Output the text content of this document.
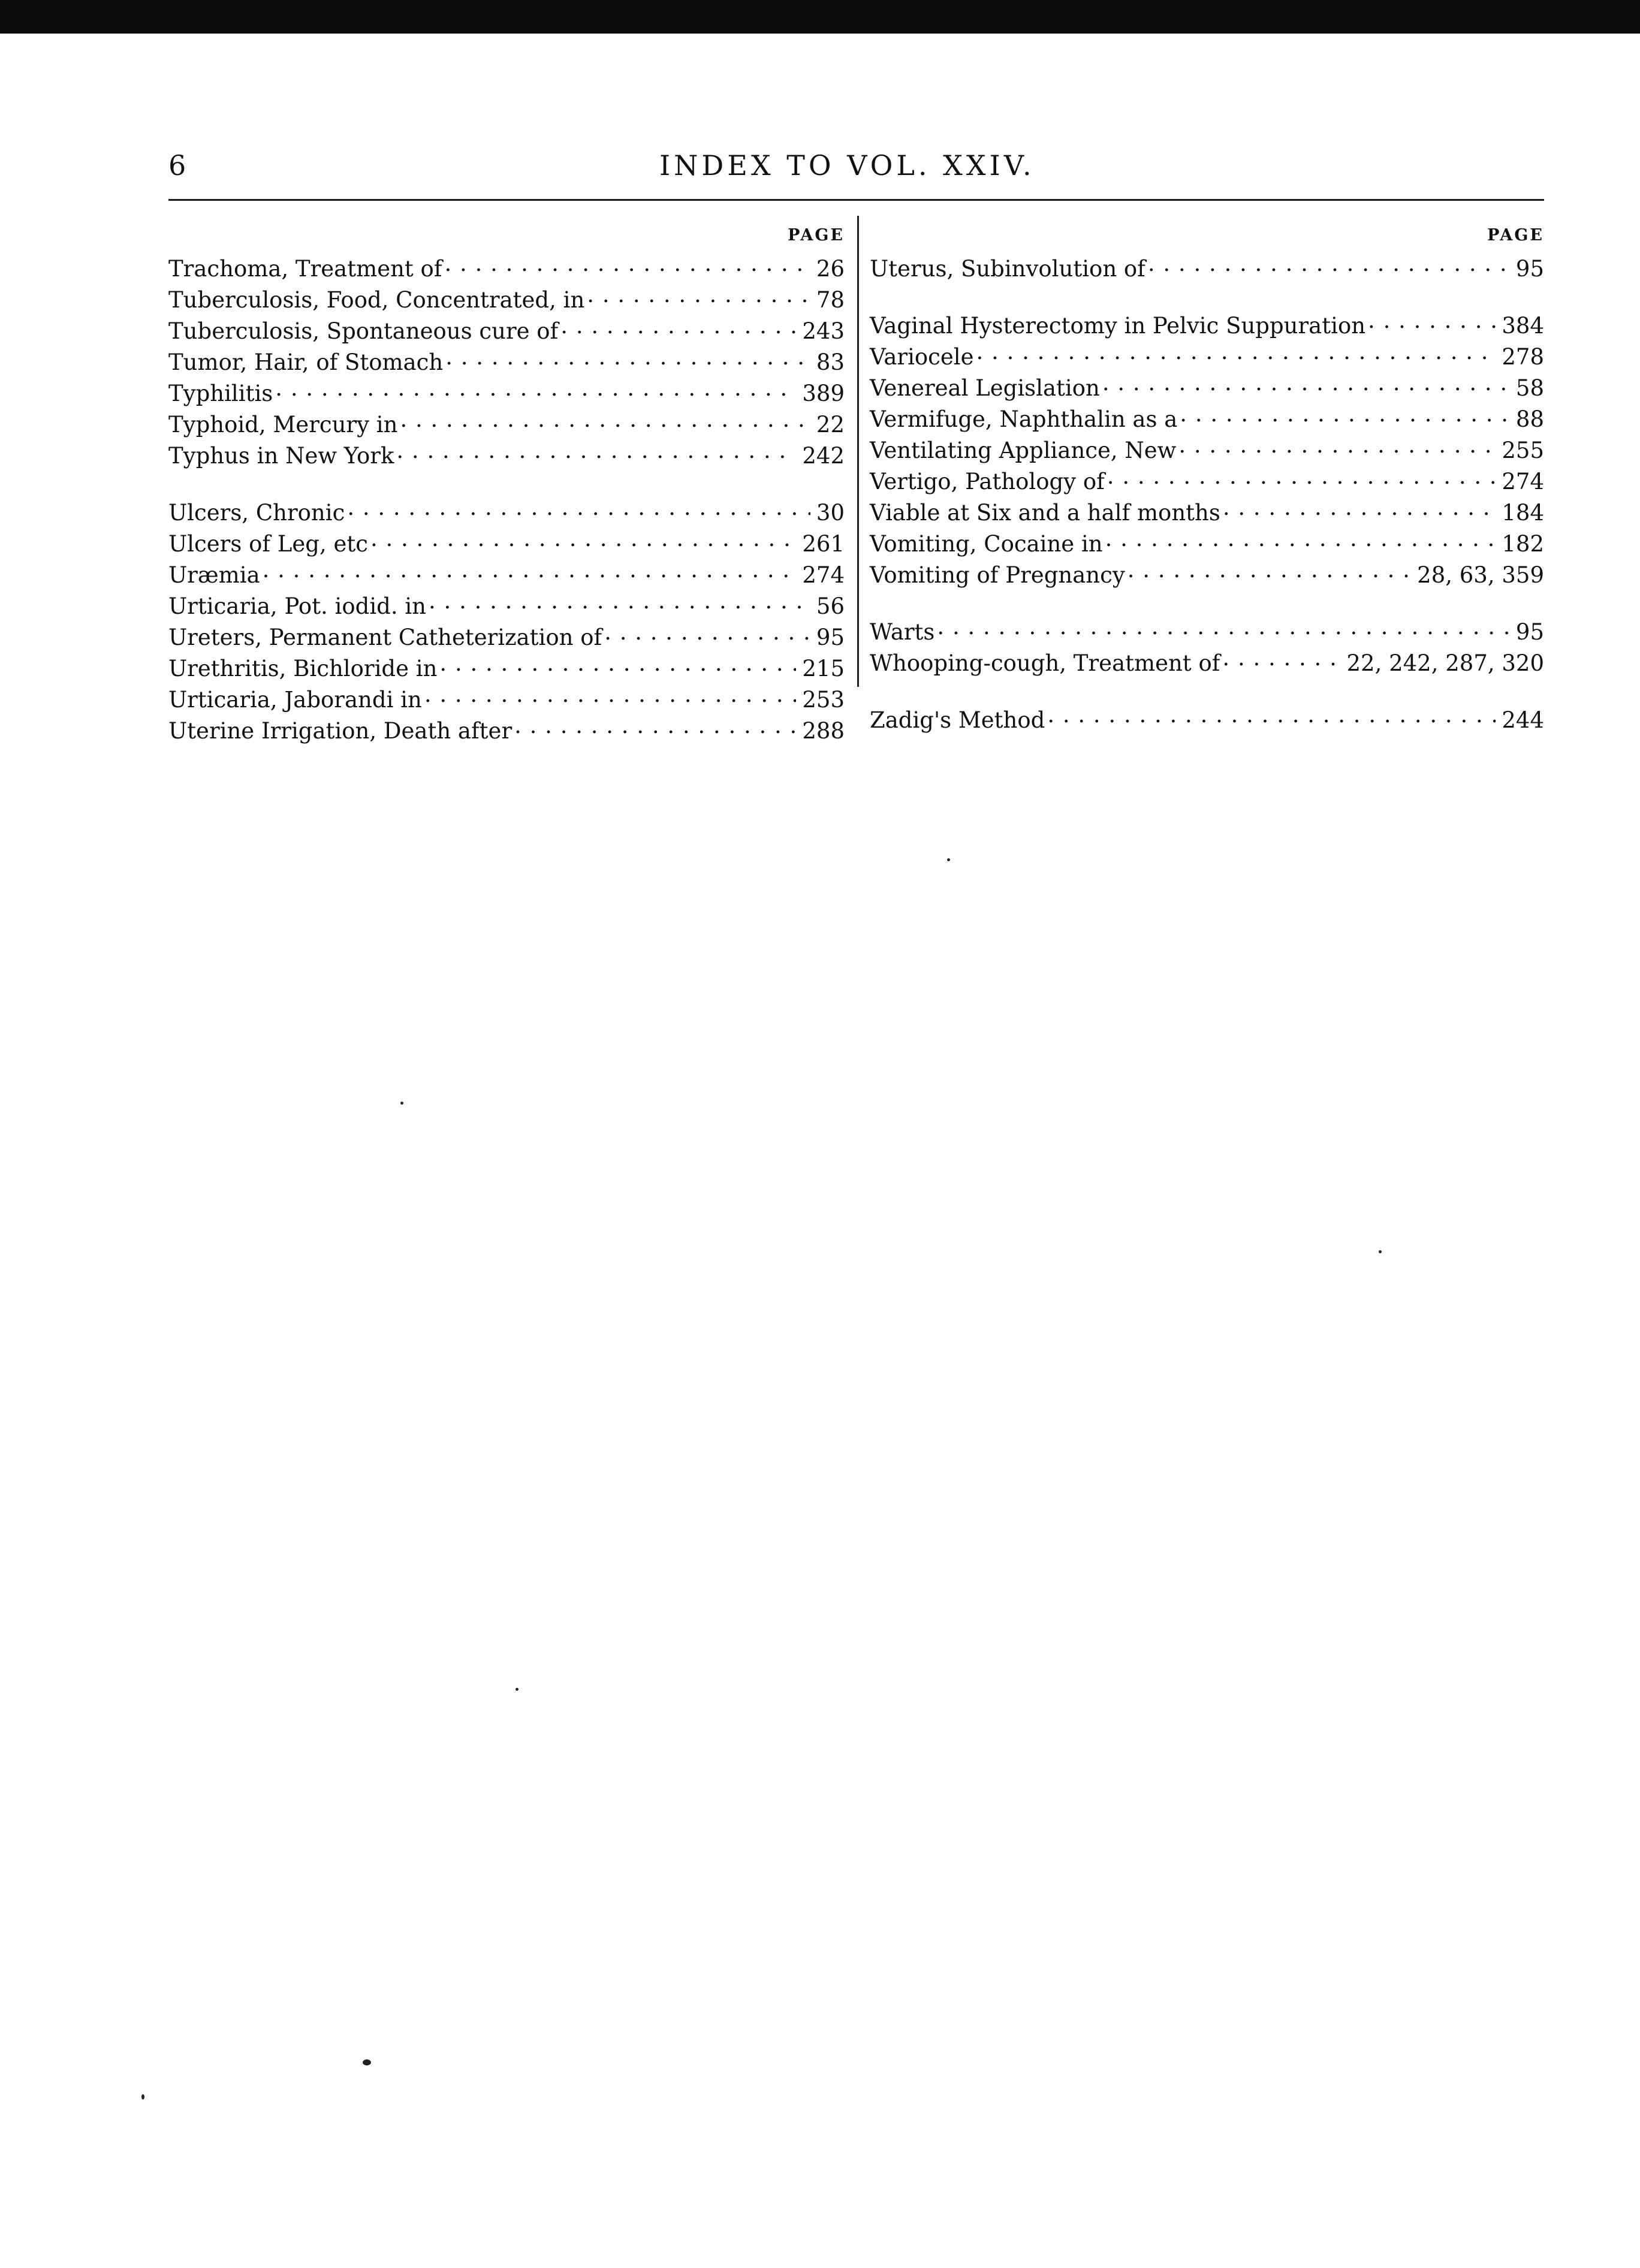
6	INDEX TO VOL. XXIV.
PAGE
Trachoma, Treatment of . . .	26
Tuberculosis, Food, Concentrated, in . . .	78
Tuberculosis, Spontaneous cure of . . .	243
Tumor, Hair, of Stomach . . .	83
Typhilitis . . .	389
Typhoid, Mercury in . . .	22
Typhus in New York . . .	242
Ulcers, Chronic . . .	30
Ulcers of Leg, etc . . .	261
Uræmia . . .	274
Urticaria, Pot. iodid. in . . .	56
Ureters, Permanent Catheterization of . . .	95
Urethritis, Bichloride in . . .	215
Urticaria, Jaborandi in . . .	253
Uterine Irrigation, Death after . . .	288
PAGE
Uterus, Subinvolution of . . .	95
Vaginal Hysterectomy in Pelvic Suppuration . . .	384
Variocele . . .	278
Venereal Legislation . . .	58
Vermifuge, Naphthalin as a . . .	88
Ventilating Appliance, New . . .	255
Vertigo, Pathology of . . .	274
Viable at Six and a half months . . .	184
Vomiting, Cocaine in . . .	182
Vomiting of Pregnancy . . .	28, 63, 359
Warts . . .	95
Whooping-cough, Treatment of . . .	22, 242, 287, 320
Zadig's Method . . .	244
